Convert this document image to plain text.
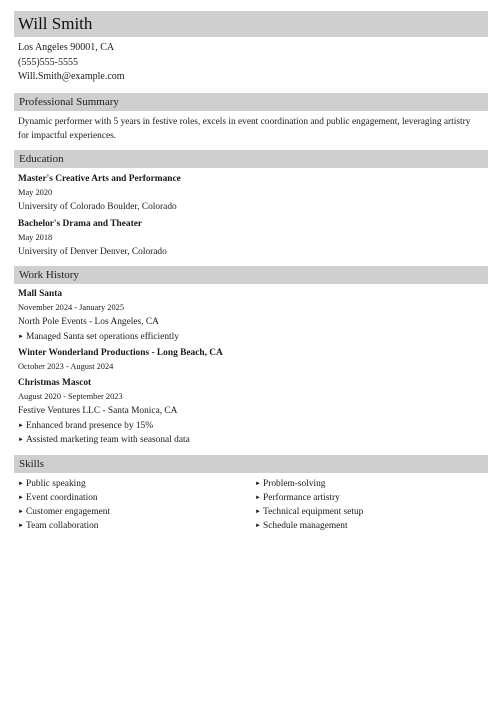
Will Smith
Los Angeles 90001, CA
(555)555-5555
Will.Smith@example.com
Professional Summary
Dynamic performer with 5 years in festive roles, excels in event coordination and public engagement, leveraging artistry for impactful experiences.
Education
Master's Creative Arts and Performance
May 2020
University of Colorado Boulder, Colorado
Bachelor's Drama and Theater
May 2018
University of Denver Denver, Colorado
Work History
Mall Santa
November 2024 - January 2025
North Pole Events - Los Angeles, CA
► Managed Santa set operations efficiently
Winter Wonderland Productions - Long Beach, CA
October 2023 - August 2024
Christmas Mascot
August 2020 - September 2023
Festive Ventures LLC - Santa Monica, CA
► Enhanced brand presence by 15%
► Assisted marketing team with seasonal data
Skills
► Public speaking
► Event coordination
► Customer engagement
► Team collaboration
► Problem-solving
► Performance artistry
► Technical equipment setup
► Schedule management
